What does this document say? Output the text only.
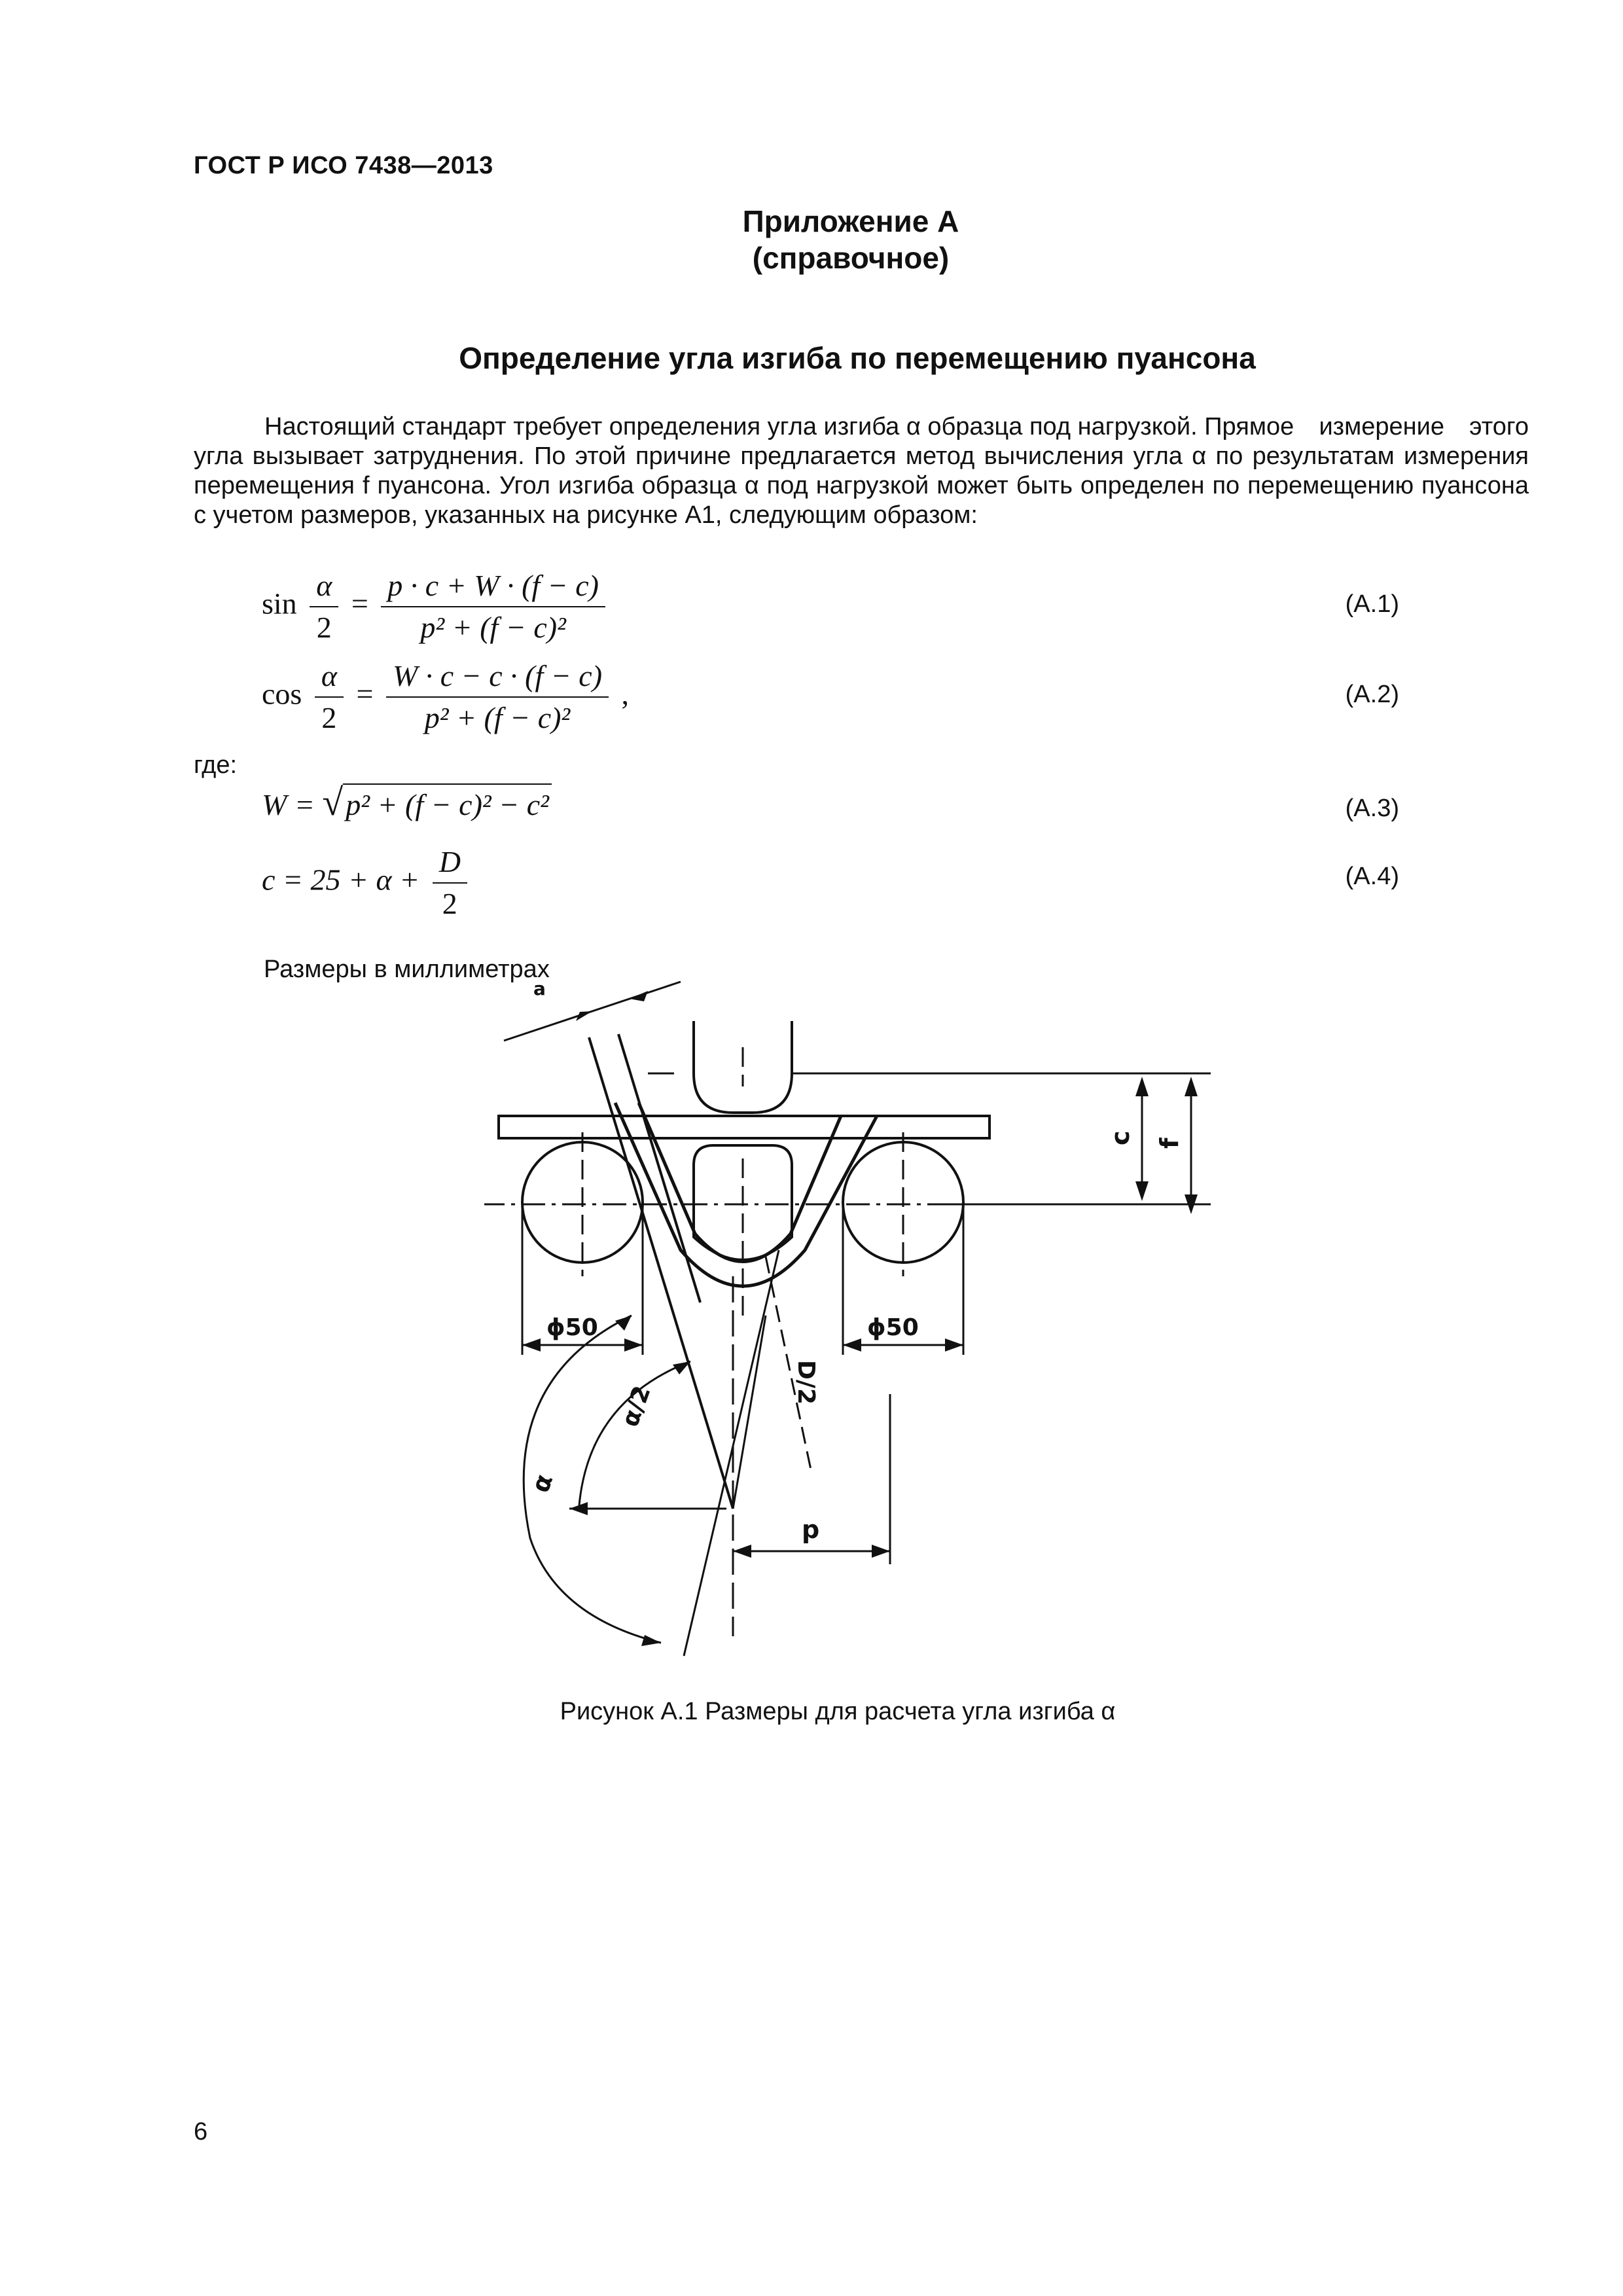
ГОСТ Р ИСО 7438—2013
Приложение А
(справочное)
Определение угла изгиба по перемещению пуансона
Настоящий стандарт требует определения угла изгиба α образца под нагрузкой. Прямое измерение этого угла вызывает затруднения. По этой причине предлагается метод вычисления угла α по результатам измерения перемещения f пуансона. Угол изгиба образца α под нагрузкой может быть определен по перемещению пуансона с учетом размеров, указанных на рисунке А1, следующим образом:
$\sin \frac{\alpha}{2} = \frac{p \cdot c + W \cdot (f - c)}{\text{p² + (f − c)²}}$	(А.1)
$\cos \frac{\alpha}{2} = \frac{W \cdot c - c \cdot (f - c)}{\text{p² + (f − c)²}}$ ,	(А.2)
где:
W = √p² + (f − c)² − c²	(А.3)
$c = 25 + \alpha + \frac{D}{2}$	(А.4)
Размеры в миллиметрах
a
c f
ϕ50	ϕ50
D/2
α/2
α
p
Рисунок А.1 Размеры для расчета угла изгиба α
6
